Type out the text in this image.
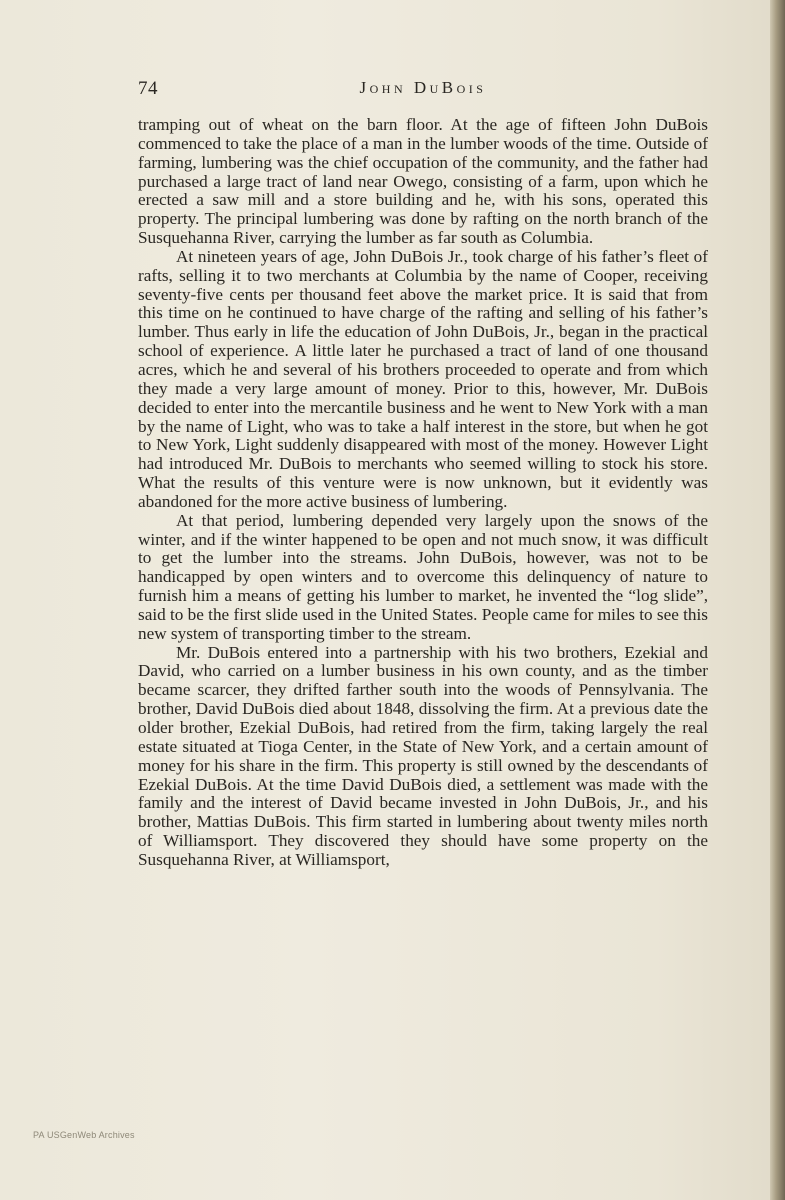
74	John DuBois

tramping out of wheat on the barn floor. At the age of fifteen John DuBois commenced to take the place of a man in the lumber woods of the time. Outside of farming, lumbering was the chief occupation of the community, and the father had purchased a large tract of land near Owego, consisting of a farm, upon which he erected a saw mill and a store building and he, with his sons, operated this property. The principal lumbering was done by rafting on the north branch of the Susquehanna River, carrying the lumber as far south as Columbia.

At nineteen years of age, John DuBois Jr., took charge of his father’s fleet of rafts, selling it to two merchants at Columbia by the name of Cooper, receiving seventy-five cents per thousand feet above the market price. It is said that from this time on he continued to have charge of the rafting and selling of his father’s lumber. Thus early in life the education of John DuBois, Jr., began in the practical school of experience. A little later he purchased a tract of land of one thousand acres, which he and several of his brothers proceeded to operate and from which they made a very large amount of money. Prior to this, however, Mr. DuBois decided to enter into the mercantile business and he went to New York with a man by the name of Light, who was to take a half interest in the store, but when he got to New York, Light suddenly disappeared with most of the money. However Light had introduced Mr. DuBois to merchants who seemed willing to stock his store. What the results of this venture were is now unknown, but it evidently was abandoned for the more active business of lumbering.

At that period, lumbering depended very largely upon the snows of the winter, and if the winter happened to be open and not much snow, it was difficult to get the lumber into the streams. John DuBois, however, was not to be handicapped by open winters and to overcome this delinquency of nature to furnish him a means of getting his lumber to market, he invented the “log slide”, said to be the first slide used in the United States. People came for miles to see this new system of transporting timber to the stream.

Mr. DuBois entered into a partnership with his two brothers, Ezekial and David, who carried on a lumber business in his own county, and as the timber became scarcer, they drifted farther south into the woods of Pennsylvania. The brother, David DuBois died about 1848, dissolving the firm. At a previous date the older brother, Ezekial DuBois, had retired from the firm, taking largely the real estate situated at Tioga Center, in the State of New York, and a certain amount of money for his share in the firm. This property is still owned by the descendants of Ezekial DuBois. At the time David DuBois died, a settlement was made with the family and the interest of David became invested in John DuBois, Jr., and his brother, Mattias DuBois. This firm started in lumbering about twenty miles north of Williamsport. They discovered they should have some property on the Susquehanna River, at Williamsport,

PA USGenWeb Archives
